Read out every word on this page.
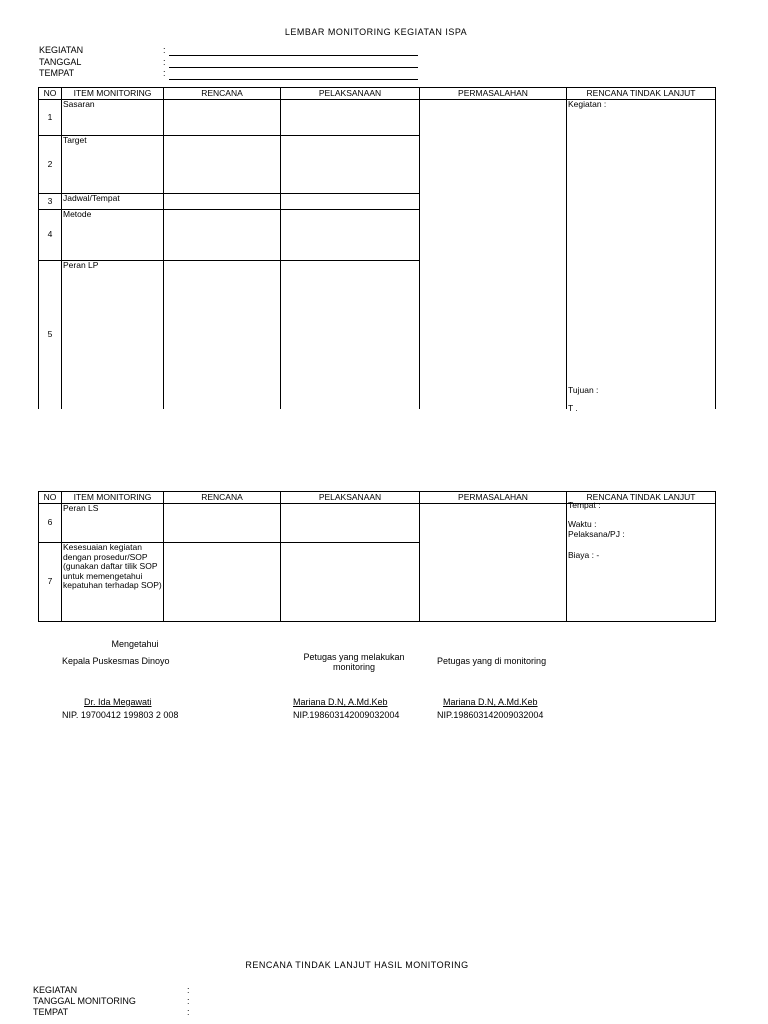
LEMBAR MONITORING KEGIATAN ISPA
KEGIATAN	:
TANGGAL	:
TEMPAT	:
NO	ITEM MONITORING	RENCANA	PELAKSANAAN	PERMASALAHAN	RENCANA TINDAK LANJUT
1	Sasaran				Kegiatan :
Tujuan :
T .

2	Target				
3	Jadwal/Tempat				
4	Metode				
5	Peran LP				
NO	ITEM MONITORING	RENCANA	PELAKSANAAN	PERMASALAHAN	RENCANA TINDAK LANJUT
6	Peran LS				Tempat :
Waktu :
Pelaksana/PJ :
Biaya : -

7	Kesesuaian kegiatan dengan prosedur/SOP (gunakan daftar tilik SOP untuk memengetahui kepatuhan terhadap SOP)				
Mengetahui
Kepala Puskesmas Dinoyo
Dr. Ida Megawati
NIP. 19700412 199803 2 008
Petugas yang melakukan monitoring
Mariana D.N, A.Md.Keb
NIP.198603142009032004
Petugas yang di monitoring
Mariana D.N, A.Md.Keb
NIP.198603142009032004
RENCANA TINDAK LANJUT HASIL MONITORING
KEGIATAN	:
TANGGAL MONITORING	:
TEMPAT	:
